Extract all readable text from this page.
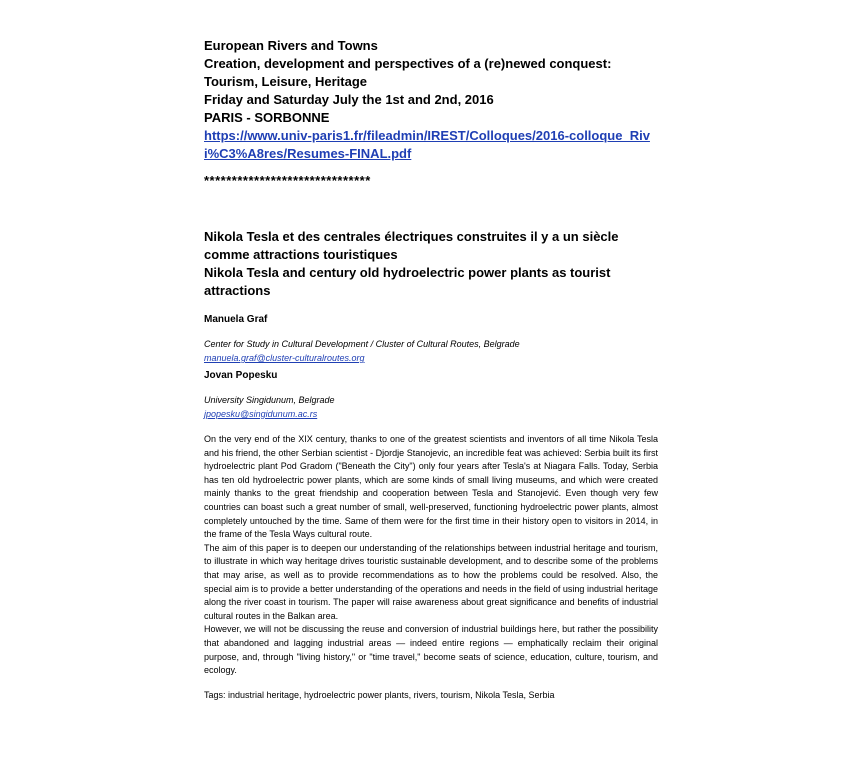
European Rivers and Towns
Creation, development and perspectives of a (re)newed conquest: Tourism, Leisure, Heritage
Friday and Saturday July the 1st and 2nd, 2016
PARIS - SORBONNE
https://www.univ-paris1.fr/fileadmin/IREST/Colloques/2016-colloque_Rivi%C3%A8res/Resumes-FINAL.pdf
******************************
Nikola Tesla et des centrales électriques construites il y a un siècle comme attractions touristiques
Nikola Tesla and century old hydroelectric power plants as tourist attractions
Manuela Graf
Center for Study in Cultural Development / Cluster of Cultural Routes, Belgrade
manuela.graf@cluster-culturalroutes.org
Jovan Popesku
University Singidunum, Belgrade
jpopesku@singidunum.ac.rs

On the very end of the XIX century, thanks to one of the greatest scientists and inventors of all time Nikola Tesla and his friend, the other Serbian scientist - Djordje Stanojevic, an incredible feat was achieved: Serbia built its first hydroelectric plant Pod Gradom ("Beneath the City") only four years after Tesla's at Niagara Falls. Today, Serbia has ten old hydroelectric power plants, which are some kinds of small living museums, and which were created mainly thanks to the great friendship and cooperation between Tesla and Stanojević. Even though very few countries can boast such a great number of small, well-preserved, functioning hydroelectric power plants, almost completely untouched by the time. Same of them were for the first time in their history open to visitors in 2014, in the frame of the Tesla Ways cultural route.

The aim of this paper is to deepen our understanding of the relationships between industrial heritage and tourism, to illustrate in which way heritage drives touristic sustainable development, and to describe some of the problems that may arise, as well as to provide recommendations as to how the problems could be resolved. Also, the special aim is to provide a better understanding of the operations and needs in the field of using industrial heritage along the river coast in tourism. The paper will raise awareness about great significance and benefits of industrial cultural routes in the Balkan area.

However, we will not be discussing the reuse and conversion of industrial buildings here, but rather the possibility that abandoned and lagging industrial areas — indeed entire regions — emphatically reclaim their original purpose, and, through "living history," or "time travel," become seats of science, education, culture, tourism, and ecology.

Tags: industrial heritage, hydroelectric power plants, rivers, tourism, Nikola Tesla, Serbia
